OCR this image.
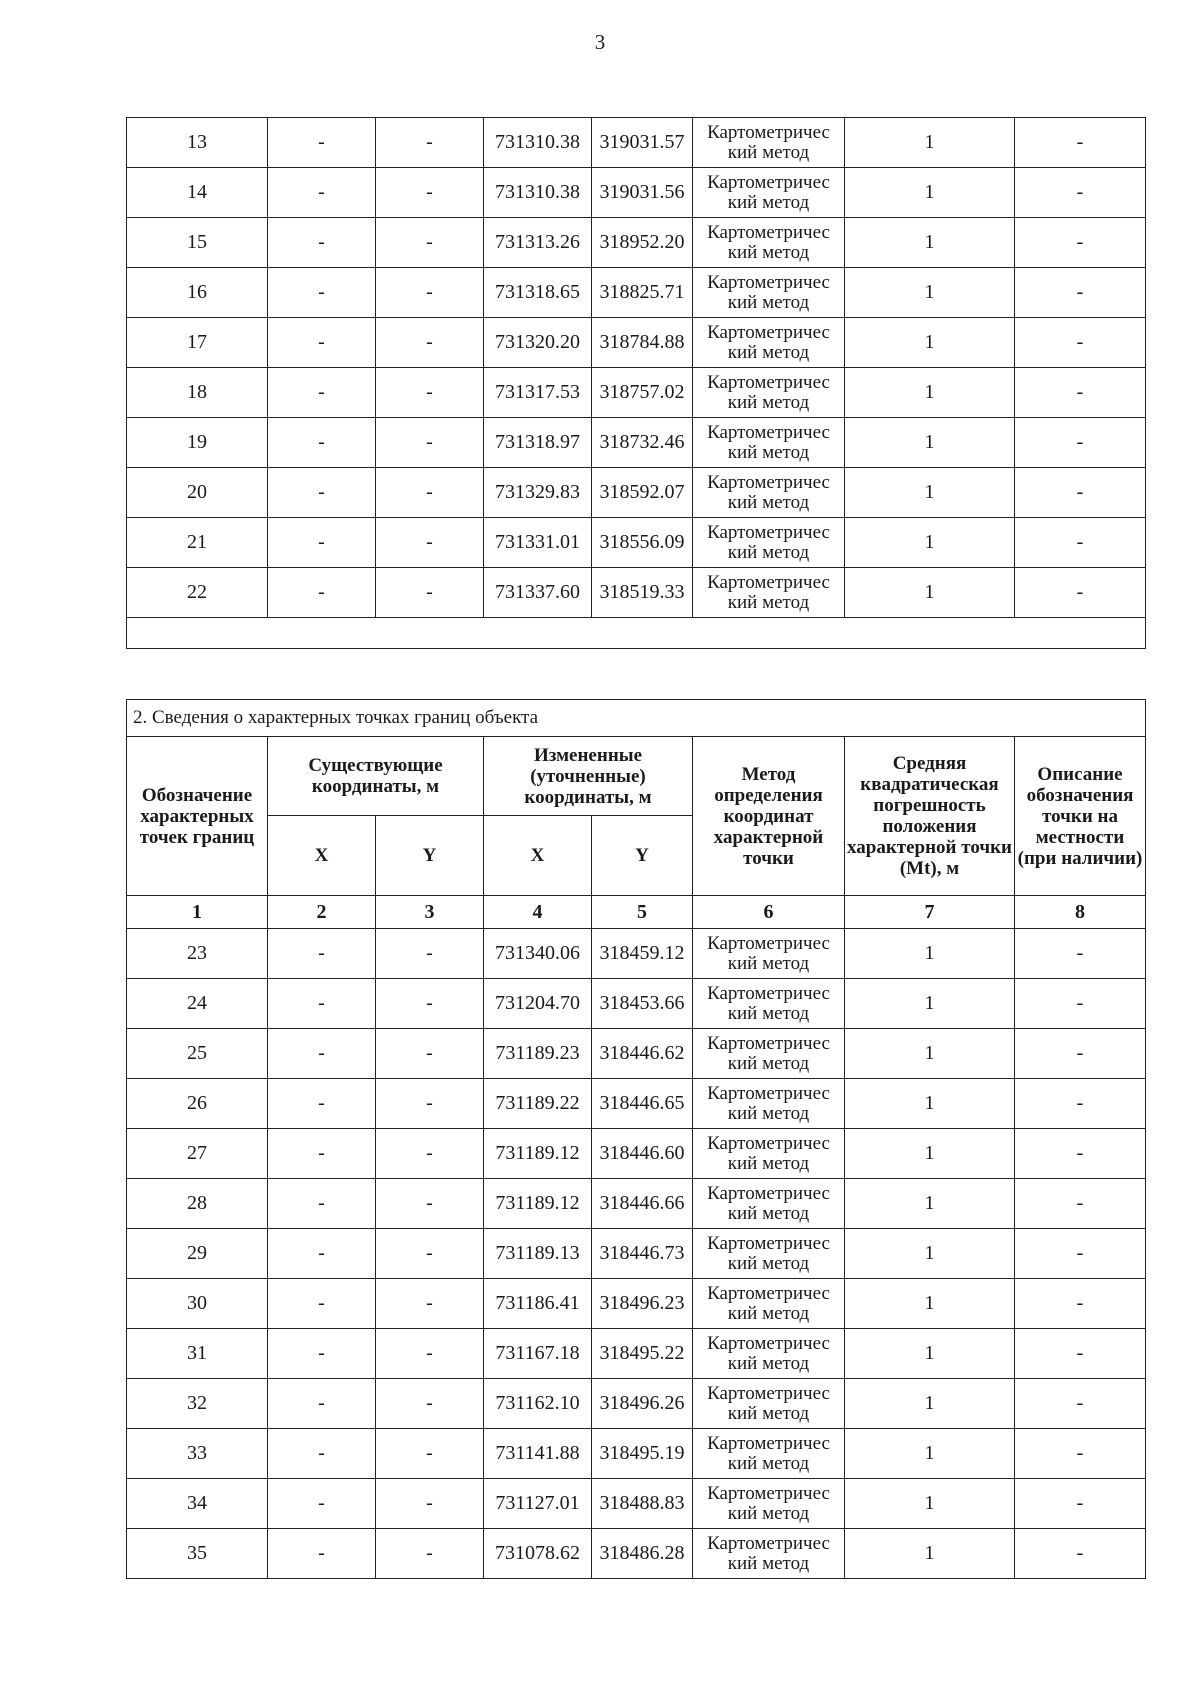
3
13	-	-	731310.38	319031.57	Картометричес кий метод	1	-
14	-	-	731310.38	319031.56	Картометричес кий метод	1	-
15	-	-	731313.26	318952.20	Картометричес кий метод	1	-
16	-	-	731318.65	318825.71	Картометричес кий метод	1	-
17	-	-	731320.20	318784.88	Картометричес кий метод	1	-
18	-	-	731317.53	318757.02	Картометричес кий метод	1	-
19	-	-	731318.97	318732.46	Картометричес кий метод	1	-
20	-	-	731329.83	318592.07	Картометричес кий метод	1	-
21	-	-	731331.01	318556.09	Картометричес кий метод	1	-
22	-	-	731337.60	318519.33	Картометричес кий метод	1	-

2. Сведения о характерных точках границ объекта							
Обозначение характерных точек границ	Существующие координаты, м		Измененные (уточненные) координаты, м		Метод определения координат характерной точки	Средняя квадратическая погрешность положения характерной точки (Mt), м	Описание обозначения точки на местности (при наличии)
	X	Y	X	Y			
1	2	3	4	5	6	7	8
23	-	-	731340.06	318459.12	Картометричес кий метод	1	-
24	-	-	731204.70	318453.66	Картометричес кий метод	1	-
25	-	-	731189.23	318446.62	Картометричес кий метод	1	-
26	-	-	731189.22	318446.65	Картометричес кий метод	1	-
27	-	-	731189.12	318446.60	Картометричес кий метод	1	-
28	-	-	731189.12	318446.66	Картометричес кий метод	1	-
29	-	-	731189.13	318446.73	Картометричес кий метод	1	-
30	-	-	731186.41	318496.23	Картометричес кий метод	1	-
31	-	-	731167.18	318495.22	Картометричес кий метод	1	-
32	-	-	731162.10	318496.26	Картометричес кий метод	1	-
33	-	-	731141.88	318495.19	Картометричес кий метод	1	-
34	-	-	731127.01	318488.83	Картометричес кий метод	1	-
35	-	-	731078.62	318486.28	Картометричес кий метод	1	-
